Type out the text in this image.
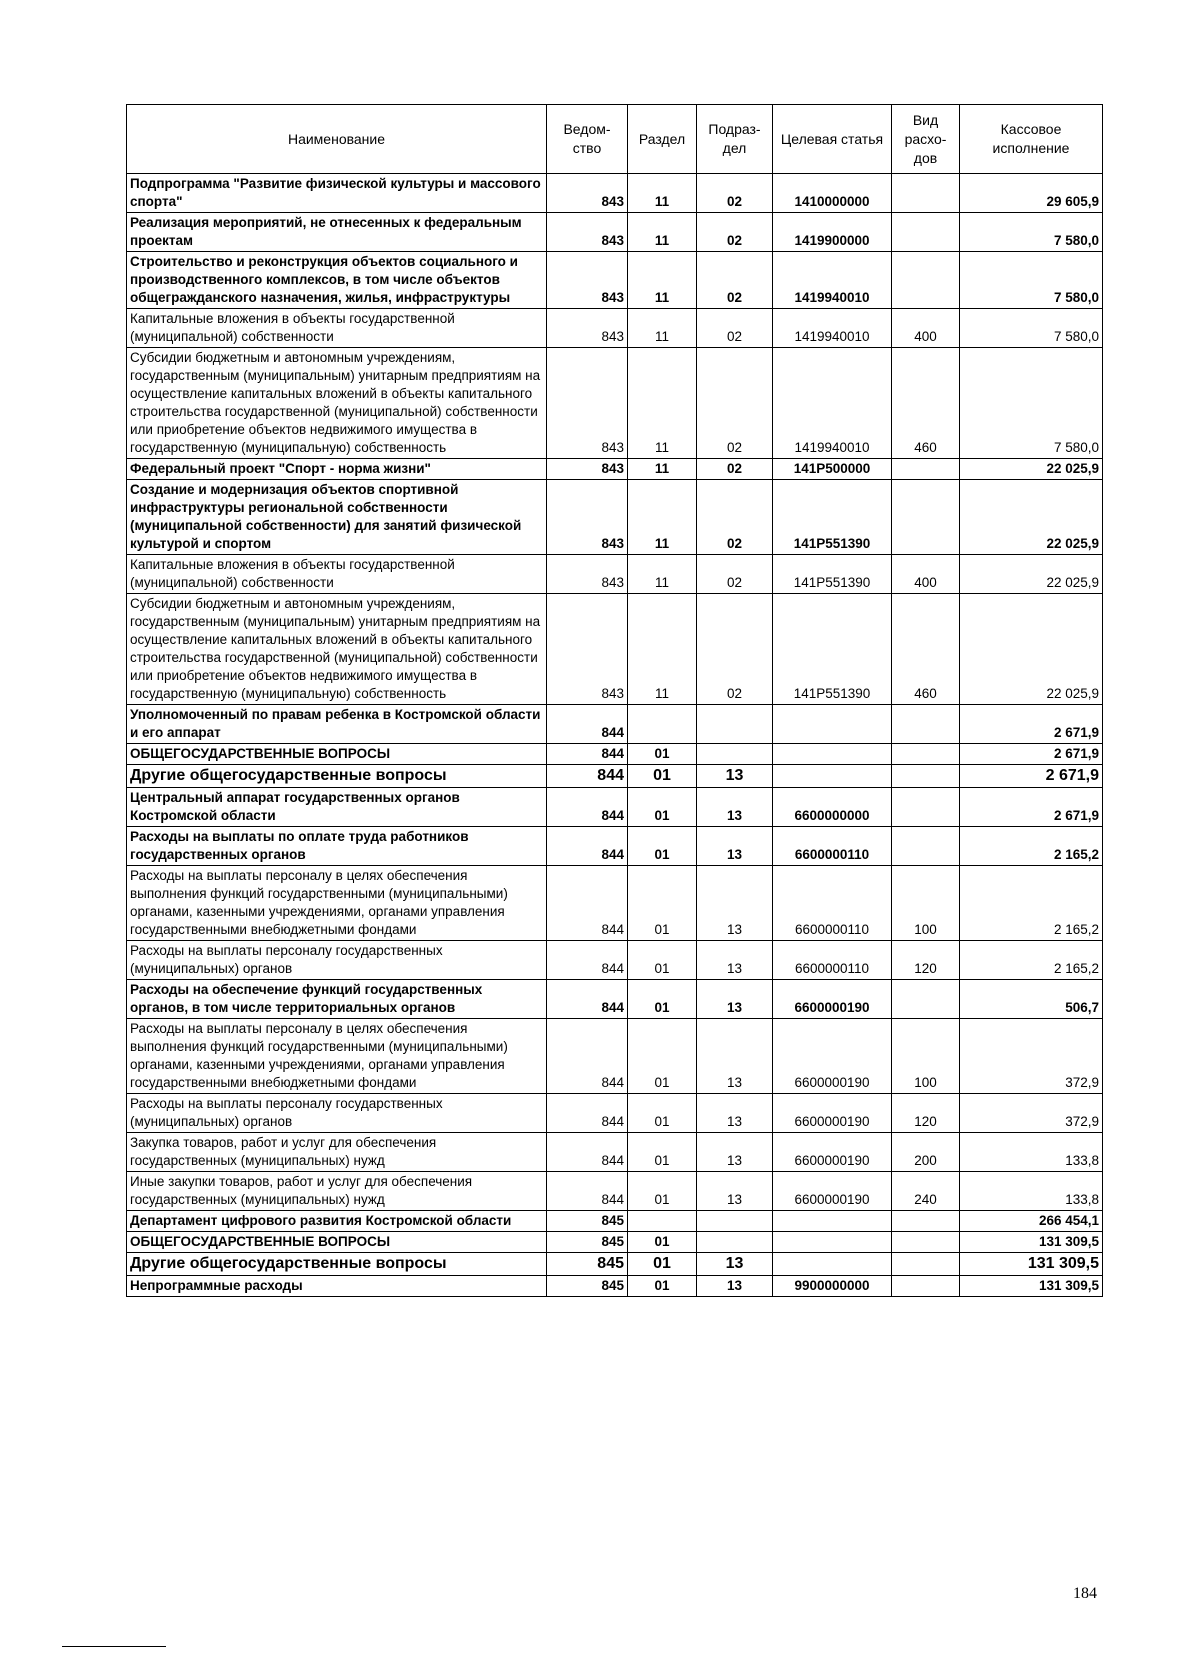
Наименование	Ведом- ство	Раздел	Подраз- дел	Целевая статья	Вид расхо- дов	Кассовое исполнение
Подпрограмма "Развитие физической культуры и массового спорта"	843	11	02	1410000000		29 605,9
Реализация мероприятий, не отнесенных к федеральным проектам	843	11	02	1419900000		7 580,0
Строительство и реконструкция объектов социального и производственного комплексов, в том числе объектов общегражданского назначения, жилья, инфраструктуры	843	11	02	1419940010		7 580,0
Капитальные вложения в объекты государственной (муниципальной) собственности	843	11	02	1419940010	400	7 580,0
Субсидии бюджетным и автономным учреждениям, государственным (муниципальным) унитарным предприятиям на осуществление капитальных вложений в объекты капитального строительства государственной (муниципальной) собственности или приобретение объектов недвижимого имущества в государственную (муниципальную) собственность	843	11	02	1419940010	460	7 580,0
Федеральный проект "Спорт - норма жизни"	843	11	02	141P500000		22 025,9
Создание и модернизация объектов спортивной инфраструктуры региональной собственности (муниципальной собственности) для занятий физической культурой и спортом	843	11	02	141P551390		22 025,9
Капитальные вложения в объекты государственной (муниципальной) собственности	843	11	02	141P551390	400	22 025,9
Субсидии бюджетным и автономным учреждениям, государственным (муниципальным) унитарным предприятиям на осуществление капитальных вложений в объекты капитального строительства государственной (муниципальной) собственности или приобретение объектов недвижимого имущества в государственную (муниципальную) собственность	843	11	02	141P551390	460	22 025,9
Уполномоченный по правам ребенка в Костромской области и его аппарат	844					2 671,9
ОБЩЕГОСУДАРСТВЕННЫЕ ВОПРОСЫ	844	01				2 671,9
Другие общегосударственные вопросы	844	01	13			2 671,9
Центральный аппарат государственных органов Костромской области	844	01	13	6600000000		2 671,9
Расходы на выплаты по оплате труда работников государственных органов	844	01	13	6600000110		2 165,2
Расходы на выплаты персоналу в целях обеспечения выполнения функций государственными (муниципальными) органами, казенными учреждениями, органами управления государственными внебюджетными фондами	844	01	13	6600000110	100	2 165,2
Расходы на выплаты персоналу государственных (муниципальных) органов	844	01	13	6600000110	120	2 165,2
Расходы на обеспечение функций государственных органов, в том числе территориальных органов	844	01	13	6600000190		506,7
Расходы на выплаты персоналу в целях обеспечения выполнения функций государственными (муниципальными) органами, казенными учреждениями, органами управления государственными внебюджетными фондами	844	01	13	6600000190	100	372,9
Расходы на выплаты персоналу государственных (муниципальных) органов	844	01	13	6600000190	120	372,9
Закупка товаров, работ и услуг для обеспечения государственных (муниципальных) нужд	844	01	13	6600000190	200	133,8
Иные закупки товаров, работ и услуг для обеспечения государственных (муниципальных) нужд	844	01	13	6600000190	240	133,8
Департамент цифрового развития Костромской области	845					266 454,1
ОБЩЕГОСУДАРСТВЕННЫЕ ВОПРОСЫ	845	01				131 309,5
Другие общегосударственные вопросы	845	01	13			131 309,5
Непрограммные расходы	845	01	13	9900000000		131 309,5
184
